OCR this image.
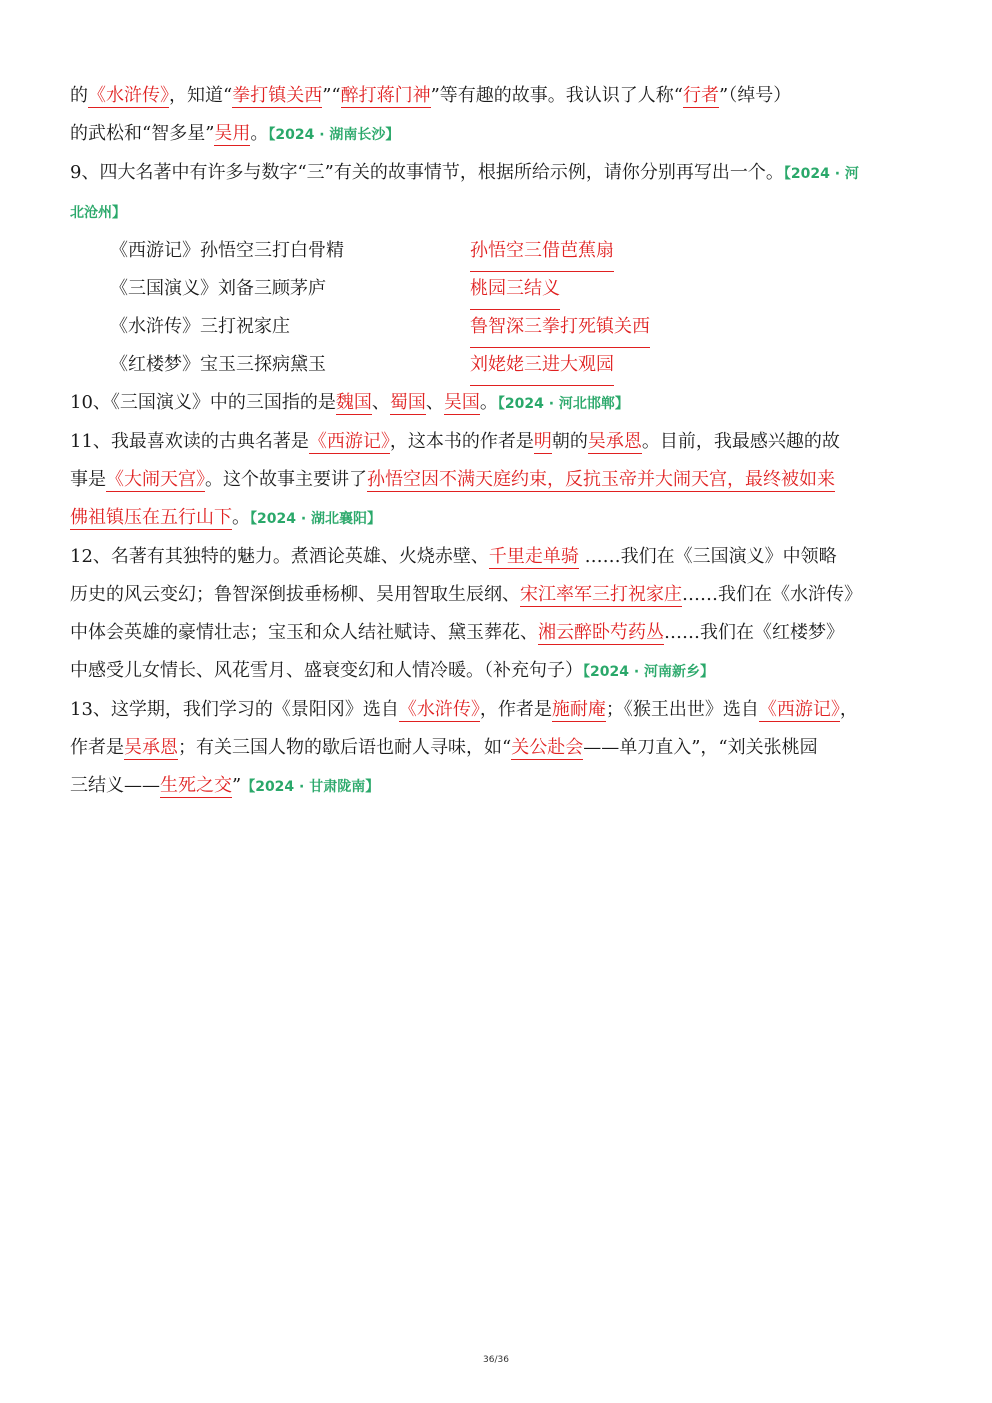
的《水浒传》，知道“拳打镇关西”“醉打蒋门神”等有趣的故事。我认识了人称“行者”（绰号）
的武松和“智多星”吴用。【2024 · 湖南长沙】
9、四大名著中有许多与数字“三”有关的故事情节，根据所给示例，请你分别再写出一个。【2024 · 河
北沧州】
《西游记》孙悟空三打白骨精	孙悟空三借芭蕉扇
《三国演义》刘备三顾茅庐	桃园三结义
《水浒传》三打祝家庄	鲁智深三拳打死镇关西
《红楼梦》宝玉三探病黛玉	刘姥姥三进大观园
10、《三国演义》中的三国指的是魏国、蜀国、吴国。【2024 · 河北邯郸】
11、我最喜欢读的古典名著是《西游记》，这本书的作者是明朝的吴承恩。目前，我最感兴趣的故
事是《大闹天宫》。这个故事主要讲了孙悟空因不满天庭约束，反抗玉帝并大闹天宫，最终被如来
佛祖镇压在五行山下。【2024 · 湖北襄阳】
12、名著有其独特的魅力。煮酒论英雄、火烧赤壁、千里走单骑 ……我们在《三国演义》中领略
历史的风云变幻；鲁智深倒拔垂杨柳、吴用智取生辰纲、宋江率军三打祝家庄……我们在《水浒传》
中体会英雄的豪情壮志；宝玉和众人结社赋诗、黛玉葬花、湘云醉卧芍药丛……我们在《红楼梦》
中感受儿女情长、风花雪月、盛衰变幻和人情冷暖。（补充句子）【2024 · 河南新乡】
13、这学期，我们学习的《景阳冈》选自《水浒传》，作者是施耐庵；《猴王出世》选自《西游记》，
作者是吴承恩；有关三国人物的歇后语也耐人寻味，如“关公赴会——单刀直入”，“刘关张桃园
三结义——生死之交”【2024 · 甘肃陇南】
36/36
